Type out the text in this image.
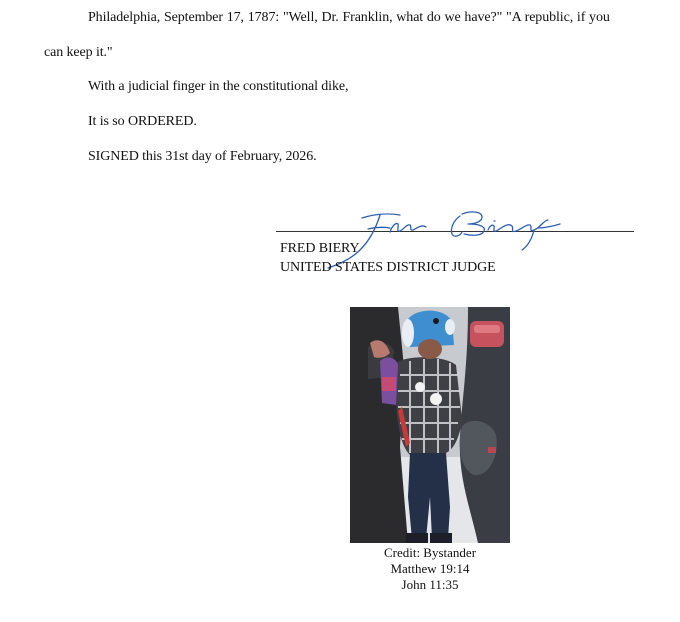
Philadelphia, September 17, 1787: "Well, Dr. Franklin, what do we have?" "A republic, if you
can keep it."
With a judicial finger in the constitutional dike,
It is so ORDERED.
SIGNED this 31st day of February, 2026.
FRED BIERY
UNITED STATES DISTRICT JUDGE
Credit: Bystander
Matthew 19:14
John 11:35
